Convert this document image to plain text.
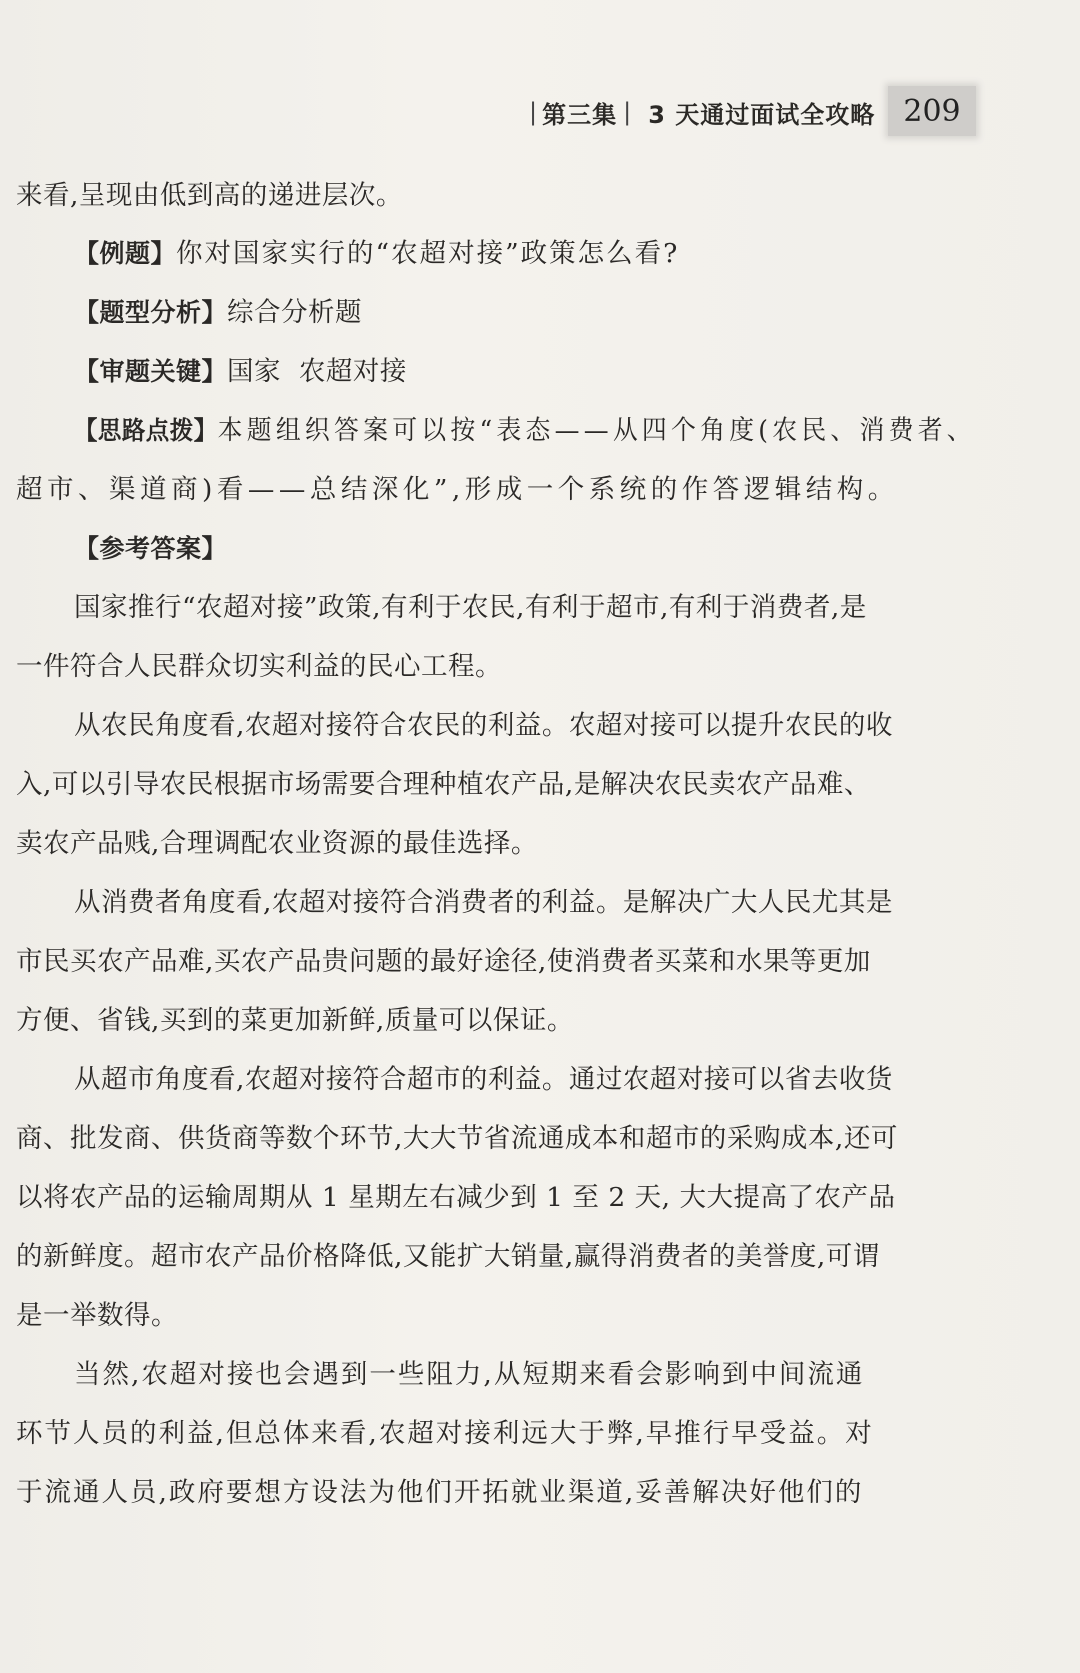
| 第三集 | 3 天通过面试全攻略 209
来看,呈现由低到高的递进层次。
【例题】你对国家实行的“农超对接”政策怎么看?
【题型分析】综合分析题
【审题关键】国家  农超对接
【思路点拨】本题组织答案可以按“表态——从四个角度(农民、消费者、
超市、渠道商)看——总结深化”,形成一个系统的作答逻辑结构。
【参考答案】
国家推行“农超对接”政策,有利于农民,有利于超市,有利于消费者,是
一件符合人民群众切实利益的民心工程。
从农民角度看,农超对接符合农民的利益。农超对接可以提升农民的收
入,可以引导农民根据市场需要合理种植农产品,是解决农民卖农产品难、
卖农产品贱,合理调配农业资源的最佳选择。
从消费者角度看,农超对接符合消费者的利益。是解决广大人民尤其是
市民买农产品难,买农产品贵问题的最好途径,使消费者买菜和水果等更加
方便、省钱,买到的菜更加新鲜,质量可以保证。
从超市角度看,农超对接符合超市的利益。通过农超对接可以省去收货
商、批发商、供货商等数个环节,大大节省流通成本和超市的采购成本,还可
以将农产品的运输周期从 1 星期左右减少到 1 至 2 天, 大大提高了农产品
的新鲜度。超市农产品价格降低,又能扩大销量,赢得消费者的美誉度,可谓
是一举数得。
当然,农超对接也会遇到一些阻力,从短期来看会影响到中间流通
环节人员的利益,但总体来看,农超对接利远大于弊,早推行早受益。对
于流通人员,政府要想方设法为他们开拓就业渠道,妥善解决好他们的
